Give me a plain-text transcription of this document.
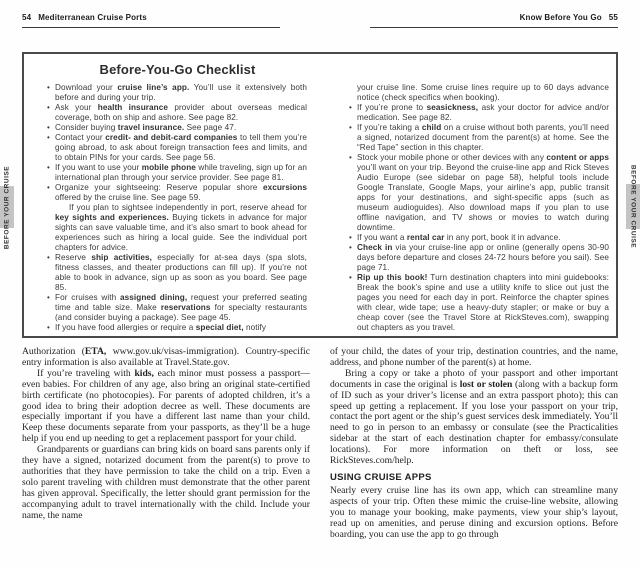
54 Mediterranean Cruise Ports	Know Before You Go 55
Before-You-Go Checklist
• Download your cruise line’s app. You’ll use it extensively both before and during your trip.
• Ask your health insurance provider about overseas medical coverage, both on ship and ashore. See page 82.
• Consider buying travel insurance. See page 47.
• Contact your credit- and debit-card companies to tell them you’re going abroad, to ask about foreign transaction fees and limits, and to obtain PINs for your cards. See page 56.
• If you want to use your mobile phone while traveling, sign up for an international plan through your service provider. See page 81.
• Organize your sightseeing: Reserve popular shore excursions offered by the cruise line. See page 59.
If you plan to sightsee independently in port, reserve ahead for key sights and experiences. Buying tickets in advance for major sights can save valuable time, and it’s also smart to book ahead for experiences such as hiring a local guide. See the individual port chapters for advice.
• Reserve ship activities, especially for at-sea days (spa slots, fitness classes, and theater productions can fill up). If you’re not able to book in advance, sign up as soon as you board. See page 85.
• For cruises with assigned dining, request your preferred seating time and table size. Make reservations for specialty restaurants (and consider buying a package). See page 45.
• If you have food allergies or require a special diet, notify
your cruise line. Some cruise lines require up to 60 days advance notice (check specifics when booking).
• If you’re prone to seasickness, ask your doctor for advice and/or medication. See page 82.
• If you’re taking a child on a cruise without both parents, you’ll need a signed, notarized document from the parent(s) at home. See the “Red Tape” section in this chapter.
• Stock your mobile phone or other devices with any content or apps you’ll want on your trip. Beyond the cruise-line app and Rick Steves Audio Europe (see sidebar on page 58), helpful tools include Google Translate, Google Maps, your airline’s app, public transit apps for your destinations, and sight-specific apps (such as museum audioguides). Also download maps if you plan to use offline navigation, and TV shows or movies to watch during downtime.
• If you want a rental car in any port, book it in advance.
• Check in via your cruise-line app or online (generally opens 30-90 days before departure and closes 24-72 hours before you sail). See page 71.
• Rip up this book! Turn destination chapters into mini guidebooks: Break the book’s spine and use a utility knife to slice out just the pages you need for each day in port. Reinforce the chapter spines with clear, wide tape; use a heavy-duty stapler; or make or buy a cheap cover (see the Travel Store at RickSteves.com), swapping out chapters as you travel.
Authorization (ETA, www.gov.uk/visas-immigration). Country-specific entry information is also available at Travel.State.gov.
If you’re traveling with kids, each minor must possess a passport—even babies. For children of any age, also bring an original state-certified birth certificate (no photocopies). For parents of adopted children, it’s a good idea to bring their adoption decree as well. These documents are especially important if you have a different last name than your child. Keep these documents separate from your passports, as they’ll be a huge help if you end up needing to get a replacement passport for your child.
Grandparents or guardians can bring kids on board sans parents only if they have a signed, notarized document from the parent(s) to prove to authorities that they have permission to take the child on a trip. Even a solo parent traveling with children must demonstrate that the other parent has given approval. Specifically, the letter should grant permission for the accompanying adult to travel internationally with the child. Include your name, the name
of your child, the dates of your trip, destination countries, and the name, address, and phone number of the parent(s) at home.
Bring a copy or take a photo of your passport and other important documents in case the original is lost or stolen (along with a backup form of ID such as your driver’s license and an extra passport photo); this can speed up getting a replacement. If you lose your passport on your trip, contact the port agent or the ship’s guest services desk immediately. You’ll need to go in person to an embassy or consulate (see the Practicalities sidebar at the start of each destination chapter for embassy/consulate locations). For more information on theft or loss, see RickSteves.com/help.
USING CRUISE APPS
Nearly every cruise line has its own app, which can streamline many aspects of your trip. Often these mimic the cruise-line website, allowing you to manage your booking, make payments, view your ship’s layout, read up on amenities, and peruse dining and excursion options. Before boarding, you can use the app to go through
BEFORE YOUR CRUISE	BEFORE YOUR CRUISE
